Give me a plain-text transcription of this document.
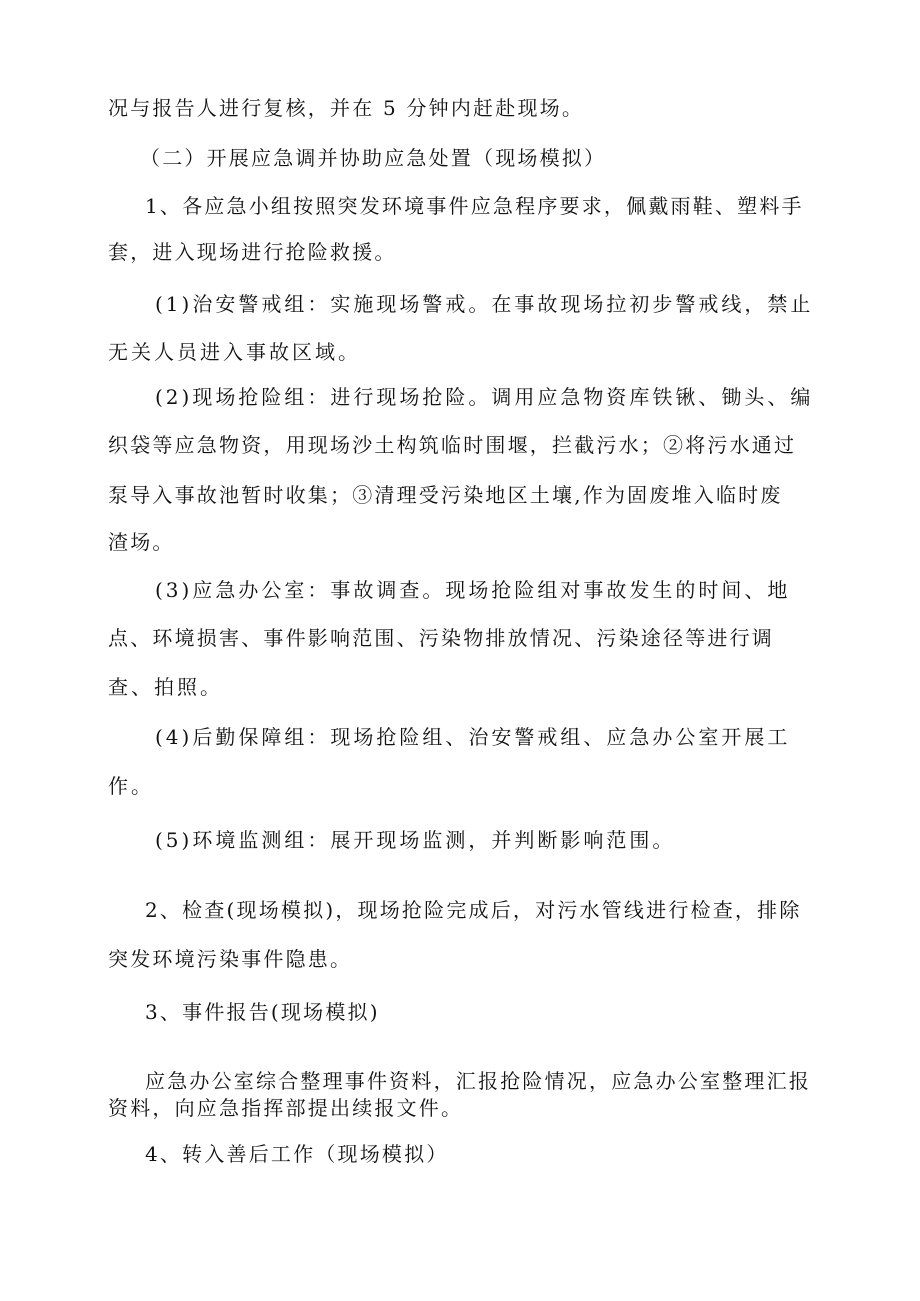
况与报告人进行复核，并在 5 分钟内赶赴现场。
（二）开展应急调并协助应急处置（现场模拟）
1、各应急小组按照突发环境事件应急程序要求，佩戴雨鞋、塑料手
套，进入现场进行抢险救援。
(1)治安警戒组：实施现场警戒。在事故现场拉初步警戒线，禁止
无关人员进入事故区域。
(2)现场抢险组：进行现场抢险。调用应急物资库铁锹、锄头、编
织袋等应急物资，用现场沙土构筑临时围堰，拦截污水；②将污水通过
泵导入事故池暂时收集；③清理受污染地区土壤,作为固废堆入临时废
渣场。
(3)应急办公室：事故调查。现场抢险组对事故发生的时间、地
点、环境损害、事件影响范围、污染物排放情况、污染途径等进行调
查、拍照。
(4)后勤保障组：现场抢险组、治安警戒组、应急办公室开展工
作。
(5)环境监测组：展开现场监测，并判断影响范围。
2、检查(现场模拟)，现场抢险完成后，对污水管线进行检查，排除
突发环境污染事件隐患。
3、事件报告(现场模拟)
应急办公室综合整理事件资料，汇报抢险情况，应急办公室整理汇报
资料，向应急指挥部提出续报文件。
4、转入善后工作（现场模拟）
